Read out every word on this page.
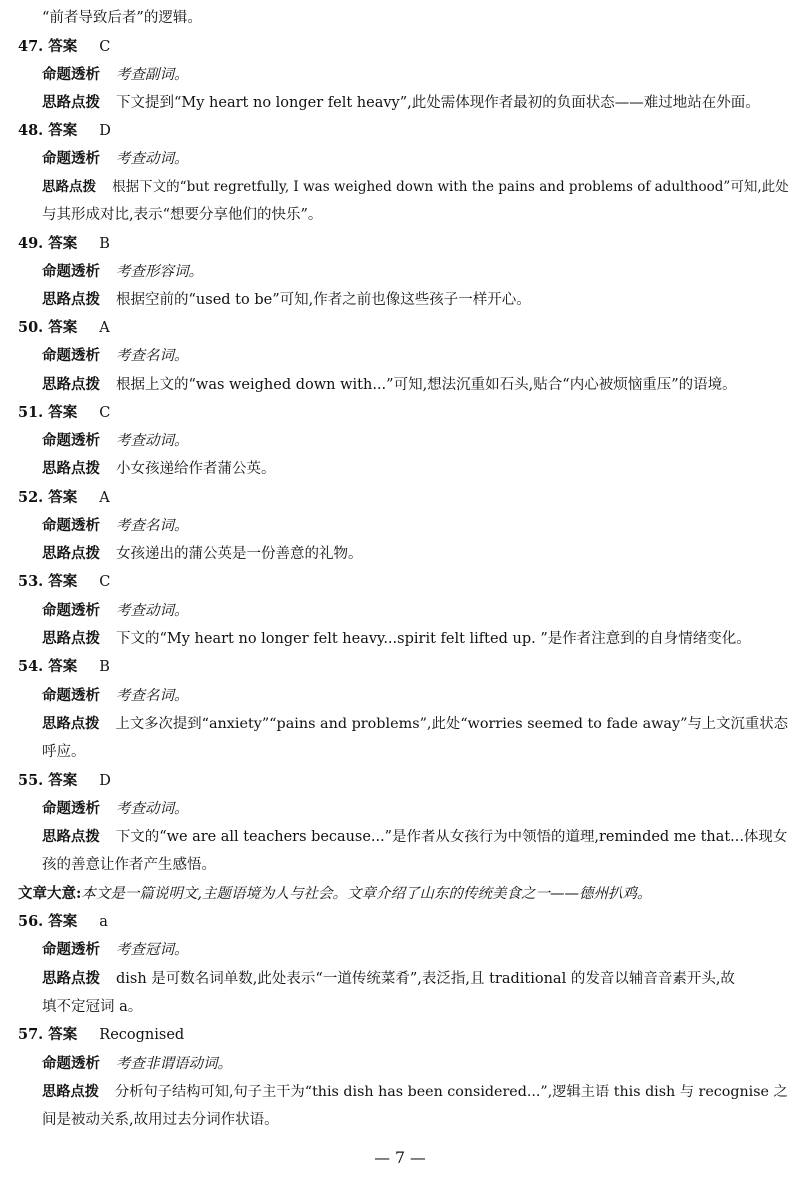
“前者导致后者”的逻辑。
47. 答案 C
命题透析 考查副词。
思路点拨 下文提到“My heart no longer felt heavy”,此处需体现作者最初的负面状态——难过地站在外面。
48. 答案 D
命题透析 考查动词。
思路点拨 根据下文的“but regretfully, I was weighed down with the pains and problems of adulthood”可知,此处
与其形成对比,表示“想要分享他们的快乐”。
49. 答案 B
命题透析 考查形容词。
思路点拨 根据空前的“used to be”可知,作者之前也像这些孩子一样开心。
50. 答案 A
命题透析 考查名词。
思路点拨 根据上文的“was weighed down with...”可知,想法沉重如石头,贴合“内心被烦恼重压”的语境。
51. 答案 C
命题透析 考查动词。
思路点拨 小女孩递给作者蒲公英。
52. 答案 A
命题透析 考查名词。
思路点拨 女孩递出的蒲公英是一份善意的礼物。
53. 答案 C
命题透析 考查动词。
思路点拨 下文的“My heart no longer felt heavy...spirit felt lifted up. ”是作者注意到的自身情绪变化。
54. 答案 B
命题透析 考查名词。
思路点拨 上文多次提到“anxiety”“pains and problems”,此处“worries seemed to fade away”与上文沉重状态
呼应。
55. 答案 D
命题透析 考查动词。
思路点拨 下文的“we are all teachers because...”是作者从女孩行为中领悟的道理,reminded me that...体现女
孩的善意让作者产生感悟。
文章大意:本文是一篇说明文,主题语境为人与社会。文章介绍了山东的传统美食之一——德州扒鸡。
56. 答案 a
命题透析 考查冠词。
思路点拨 dish 是可数名词单数,此处表示“一道传统菜肴”,表泛指,且 traditional 的发音以辅音音素开头,故
填不定冠词 a。
57. 答案 Recognised
命题透析 考查非谓语动词。
思路点拨 分析句子结构可知,句子主干为“this dish has been considered...”,逻辑主语 this dish 与 recognise 之
间是被动关系,故用过去分词作状语。
— 7 —
